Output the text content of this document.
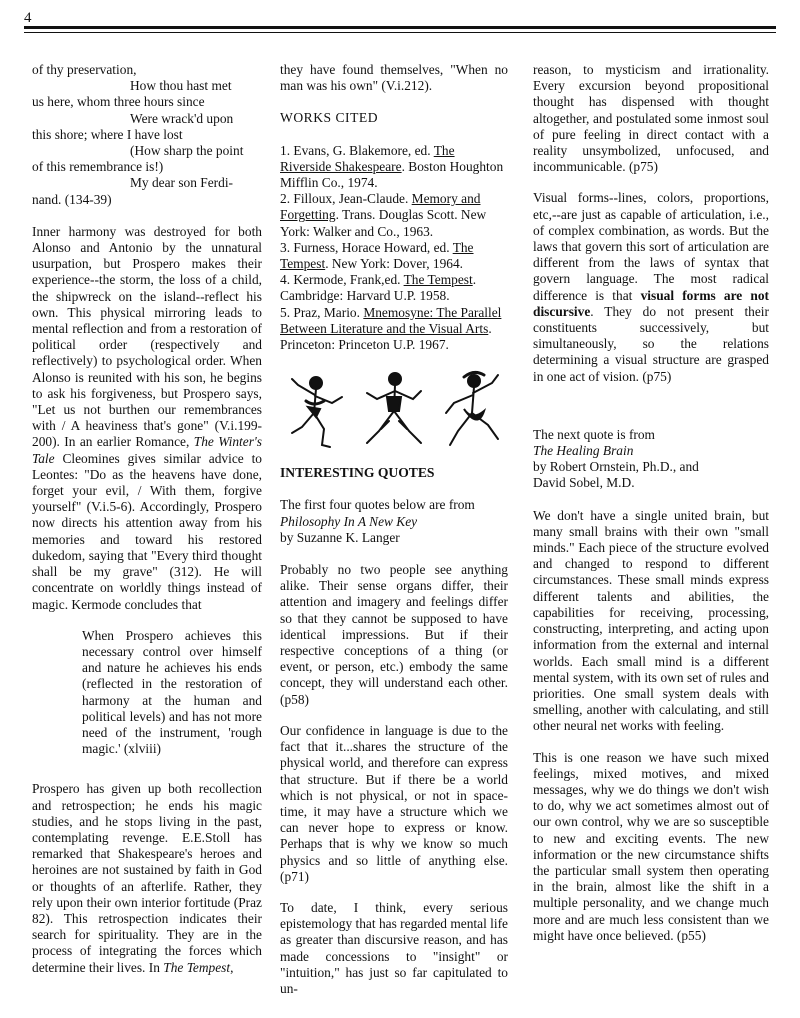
4
of thy preservation,
How thou hast met
us here, whom three hours since
Were wrack'd upon
this shore; where I have lost
(How sharp the point
of this remembrance is!)
My dear son Ferdi-
nand. (134-39)

Inner harmony was destroyed for both Alonso and Antonio by the unnatural usurpation, but Prospero makes their experience--the storm, the loss of a child, the shipwreck on the island--reflect his own. This physical mirroring leads to mental reflection and from a restoration of political order (respectively and reflectively) to psychological order. When Alonso is reunited with his son, he begins to ask his forgiveness, but Prospero says, "Let us not burthen our remembrances with / A heaviness that's gone" (V.i.199-200). In an earlier Romance, The Winter's Tale Cleomines gives similar advice to Leontes: "Do as the heavens have done, forget your evil, / With them, forgive yourself" (V.i.5-6). Accordingly, Prospero now directs his attention away from his memories and toward his restored dukedom, saying that "Every third thought shall be my grave" (312). He will concentrate on worldly things instead of magic. Kermode concludes that

When Prospero achieves this necessary control over himself and nature he achieves his ends (reflected in the restoration of harmony at the human and political levels) and has not more need of the instrument, 'rough magic.' (xlviii)

Prospero has given up both recollection and retrospection; he ends his magic studies, and he stops living in the past, contemplating revenge. E.E.Stoll has remarked that Shakespeare's heroes and heroines are not sustained by faith in God or thoughts of an afterlife. Rather, they rely upon their own interior fortitude (Praz 82). This retrospection indicates their search for spirituality. They are in the process of integrating the forces which determine their lives. In The Tempest,

they have found themselves, "When no man was his own" (V.i.212).

WORKS CITED
1. Evans, G. Blakemore, ed. The Riverside Shakespeare. Boston Houghton Mifflin Co., 1974.
2. Filloux, Jean-Claude. Memory and Forgetting. Trans. Douglas Scott. New York: Walker and Co., 1963.
3. Furness, Horace Howard, ed. The Tempest. New York: Dover, 1964.
4. Kermode, Frank,ed. The Tempest. Cambridge: Harvard U.P. 1958.
5. Praz, Mario. Mnemosyne: The Parallel Between Literature and the Visual Arts. Princeton: Princeton U.P. 1967.
INTERESTING QUOTES
The first four quotes below are from
Philosophy In A New Key
by Suzanne K. Langer

Probably no two people see anything alike. Their sense organs differ, their attention and imagery and feelings differ so that they cannot be supposed to have identical impressions. But if their respective conceptions of a thing (or event, or person, etc.) embody the same concept, they will understand each other. (p58)

Our confidence in language is due to the fact that it...shares the structure of the physical world, and therefore can express that structure. But if there be a world which is not physical, or not in space-time, it may have a structure which we can never hope to express or know. Perhaps that is why we know so much physics and so little of anything else. (p71)

To date, I think, every serious epistemology that has regarded mental life as greater than discursive reason, and has made concessions to "insight" or "intuition," has just so far capitulated to un-

reason, to mysticism and irrationality. Every excursion beyond propositional thought has dispensed with thought altogether, and postulated some inmost soul of pure feeling in direct contact with a reality unsymbolized, unfocused, and incommunicable. (p75)

Visual forms--lines, colors, proportions, etc,--are just as capable of articulation, i.e., of complex combination, as words. But the laws that govern this sort of articulation are different from the laws of syntax that govern language. The most radical difference is that visual forms are not discursive. They do not present their constituents successively, but simultaneously, so the relations determining a visual structure are grasped in one act of vision. (p75)

The next quote is from
The Healing Brain
by Robert Ornstein, Ph.D., and
David Sobel, M.D.

We don't have a single united brain, but many small brains with their own "small minds." Each piece of the structure evolved and changed to respond to different circumstances. These small minds express different talents and abilities, the capabilities for receiving, processing, constructing, interpreting, and acting upon information from the external and internal worlds. Each small mind is a different mental system, with its own set of rules and priorities. One small system deals with smelling, another with calculating, and still other neural net works with feeling.

This is one reason we have such mixed feelings, mixed motives, and mixed messages, why we do things we don't wish to do, why we act sometimes almost out of our own control, why we are so susceptible to new and exciting events. The new information or the new circumstance shifts the particular small system then operating in the brain, almost like the shift in a multiple personality, and we change much more and are much less consistent than we might have once believed. (p55)
